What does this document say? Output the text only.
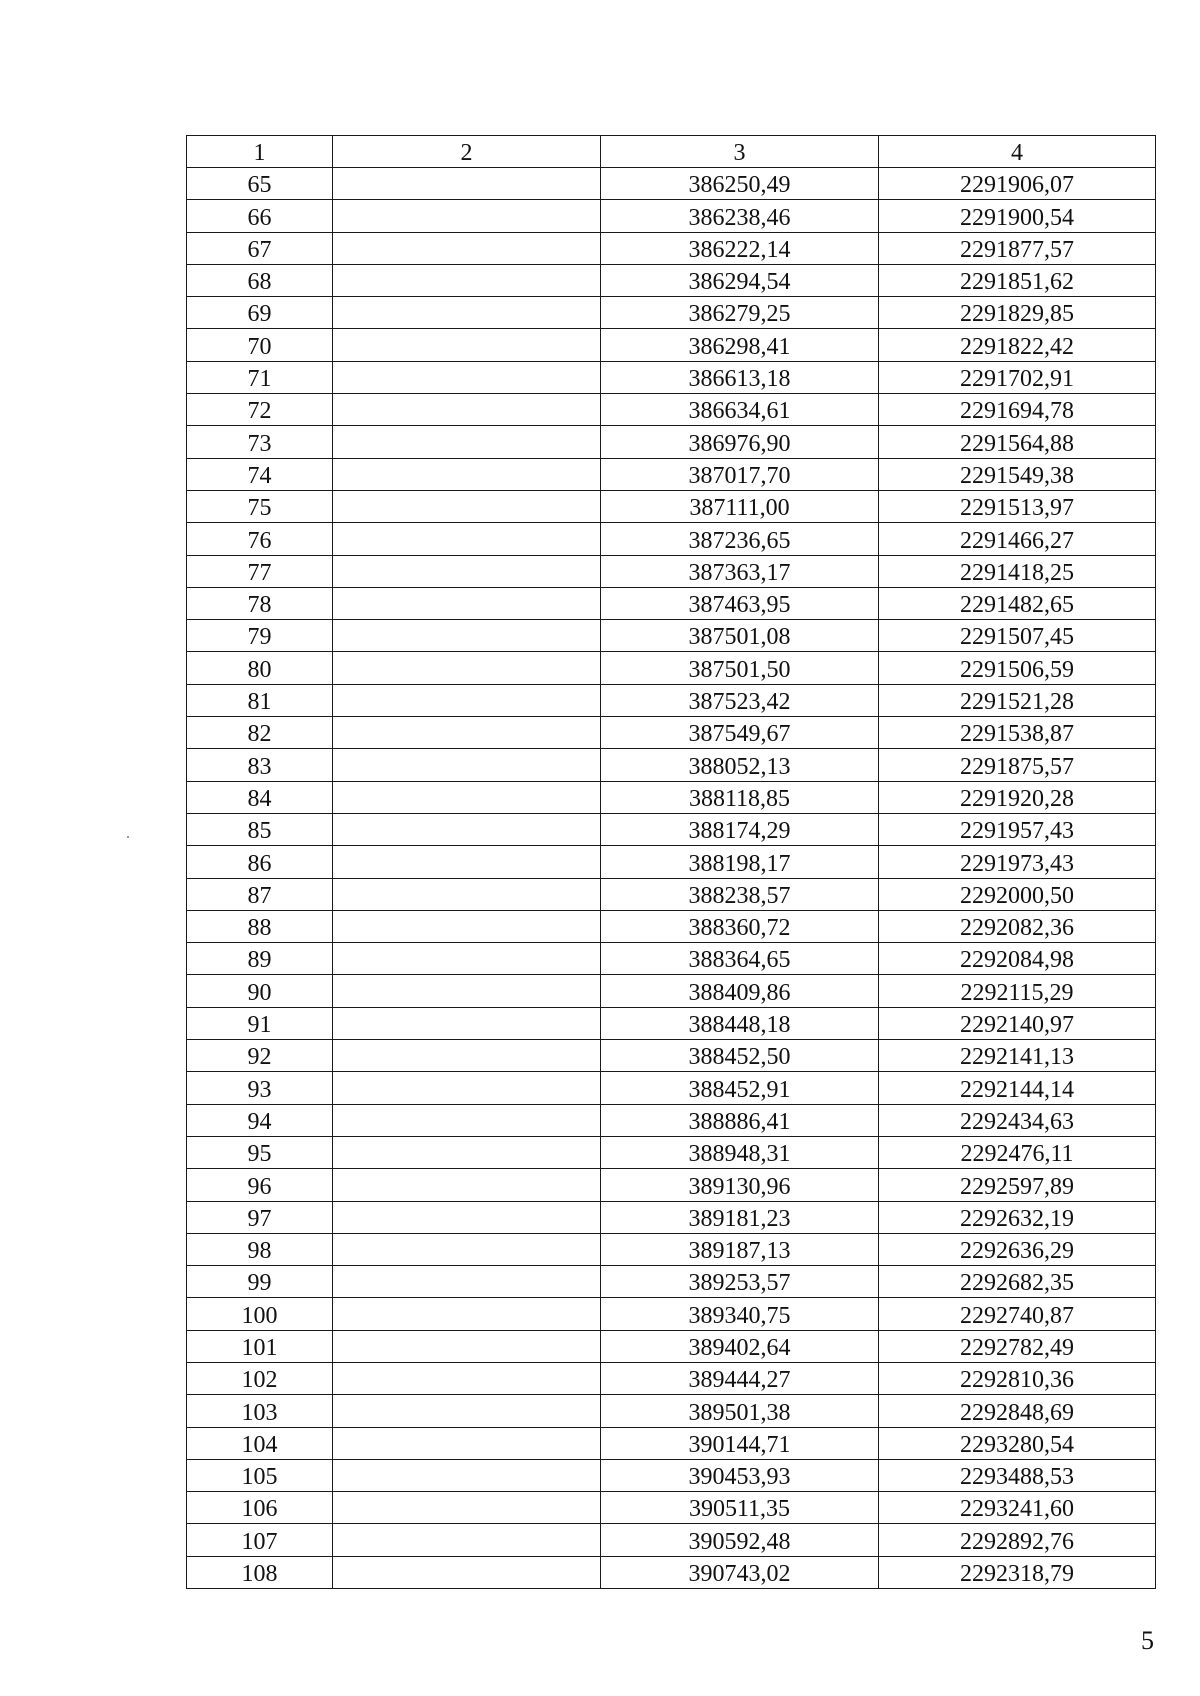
1	2	3	4
65		386250,49	2291906,07
66		386238,46	2291900,54
67		386222,14	2291877,57
68		386294,54	2291851,62
69		386279,25	2291829,85
70		386298,41	2291822,42
71		386613,18	2291702,91
72		386634,61	2291694,78
73		386976,90	2291564,88
74		387017,70	2291549,38
75		387111,00	2291513,97
76		387236,65	2291466,27
77		387363,17	2291418,25
78		387463,95	2291482,65
79		387501,08	2291507,45
80		387501,50	2291506,59
81		387523,42	2291521,28
82		387549,67	2291538,87
83		388052,13	2291875,57
84		388118,85	2291920,28
85		388174,29	2291957,43
86		388198,17	2291973,43
87		388238,57	2292000,50
88		388360,72	2292082,36
89		388364,65	2292084,98
90		388409,86	2292115,29
91		388448,18	2292140,97
92		388452,50	2292141,13
93		388452,91	2292144,14
94		388886,41	2292434,63
95		388948,31	2292476,11
96		389130,96	2292597,89
97		389181,23	2292632,19
98		389187,13	2292636,29
99		389253,57	2292682,35
100		389340,75	2292740,87
101		389402,64	2292782,49
102		389444,27	2292810,36
103		389501,38	2292848,69
104		390144,71	2293280,54
105		390453,93	2293488,53
106		390511,35	2293241,60
107		390592,48	2292892,76
108		390743,02	2292318,79
5
